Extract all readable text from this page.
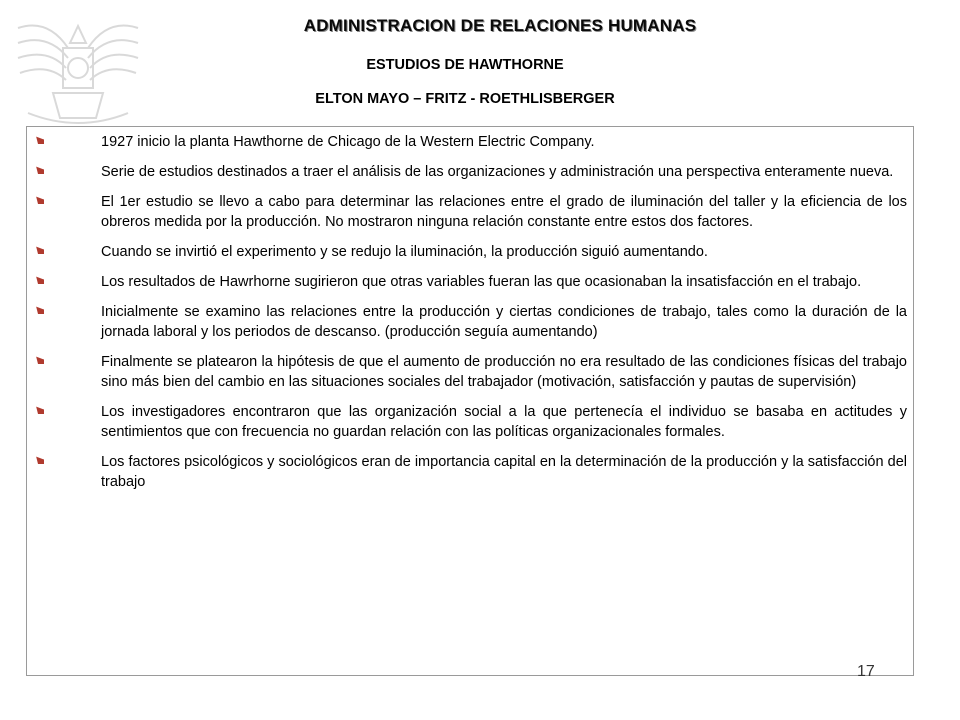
ADMINISTRACION DE RELACIONES HUMANAS
ESTUDIOS DE HAWTHORNE
ELTON MAYO – FRITZ - ROETHLISBERGER
1927 inicio la planta Hawthorne de Chicago de la Western Electric Company.
Serie de estudios destinados a traer el análisis de las organizaciones y administración una perspectiva enteramente nueva.
El 1er estudio se llevo a cabo para determinar las relaciones entre el grado de iluminación del taller y la eficiencia de los obreros medida por la producción. No mostraron ninguna relación constante entre estos dos factores.
Cuando se invirtió el experimento y se redujo la iluminación, la producción siguió aumentando.
Los resultados de Hawrhorne sugirieron que otras variables fueran las que ocasionaban la insatisfacción en el trabajo.
Inicialmente se examino las relaciones entre la producción y ciertas condiciones de trabajo, tales como la duración de la jornada laboral y los periodos de descanso. (producción seguía aumentando)
Finalmente se platearon la hipótesis de que el aumento de producción no era resultado de las condiciones físicas del trabajo sino más bien del cambio en las situaciones sociales del trabajador (motivación, satisfacción y pautas de supervisión)
Los investigadores encontraron que las organización social a la que pertenecía el individuo se basaba en actitudes y sentimientos que con frecuencia no guardan relación con las políticas organizacionales formales.
Los factores psicológicos y sociológicos eran de importancia capital en la determinación de la producción y la satisfacción del trabajo
17
